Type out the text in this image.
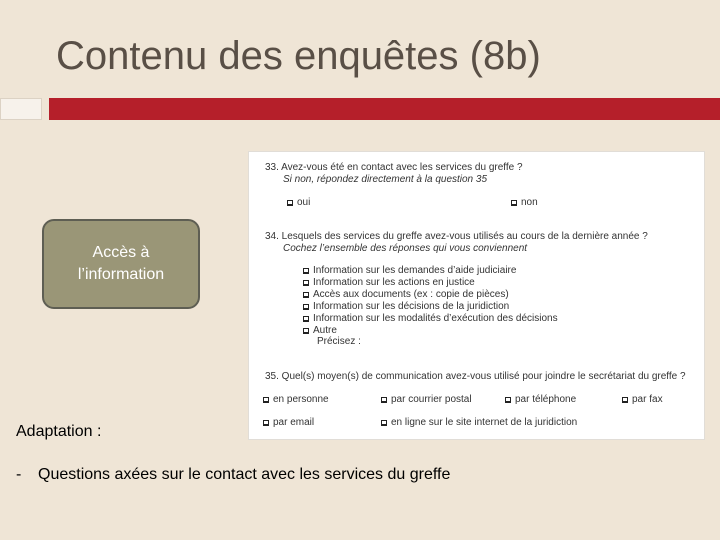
Contenu des enquêtes (8b)
Accès à
l’information
33. Avez-vous été en contact avec les services du greffe ?
Si non, répondez directement à la question 35
oui	non
34. Lesquels des services du greffe avez-vous utilisés au cours de la dernière année ?
Cochez l’ensemble des réponses qui vous conviennent
Information sur les demandes d’aide judiciaire
Information sur les actions en justice
Accès aux documents (ex : copie de pièces)
Information sur les décisions de la juridiction
Information sur les modalités d’exécution des décisions
Autre
Précisez :
35. Quel(s) moyen(s) de communication avez-vous utilisé pour joindre le secrétariat du greffe ?
en personne	par courrier postal	par téléphone	par fax
par email	en ligne sur le site internet de la juridiction
Adaptation :
- Questions axées sur le contact avec les services du greffe
